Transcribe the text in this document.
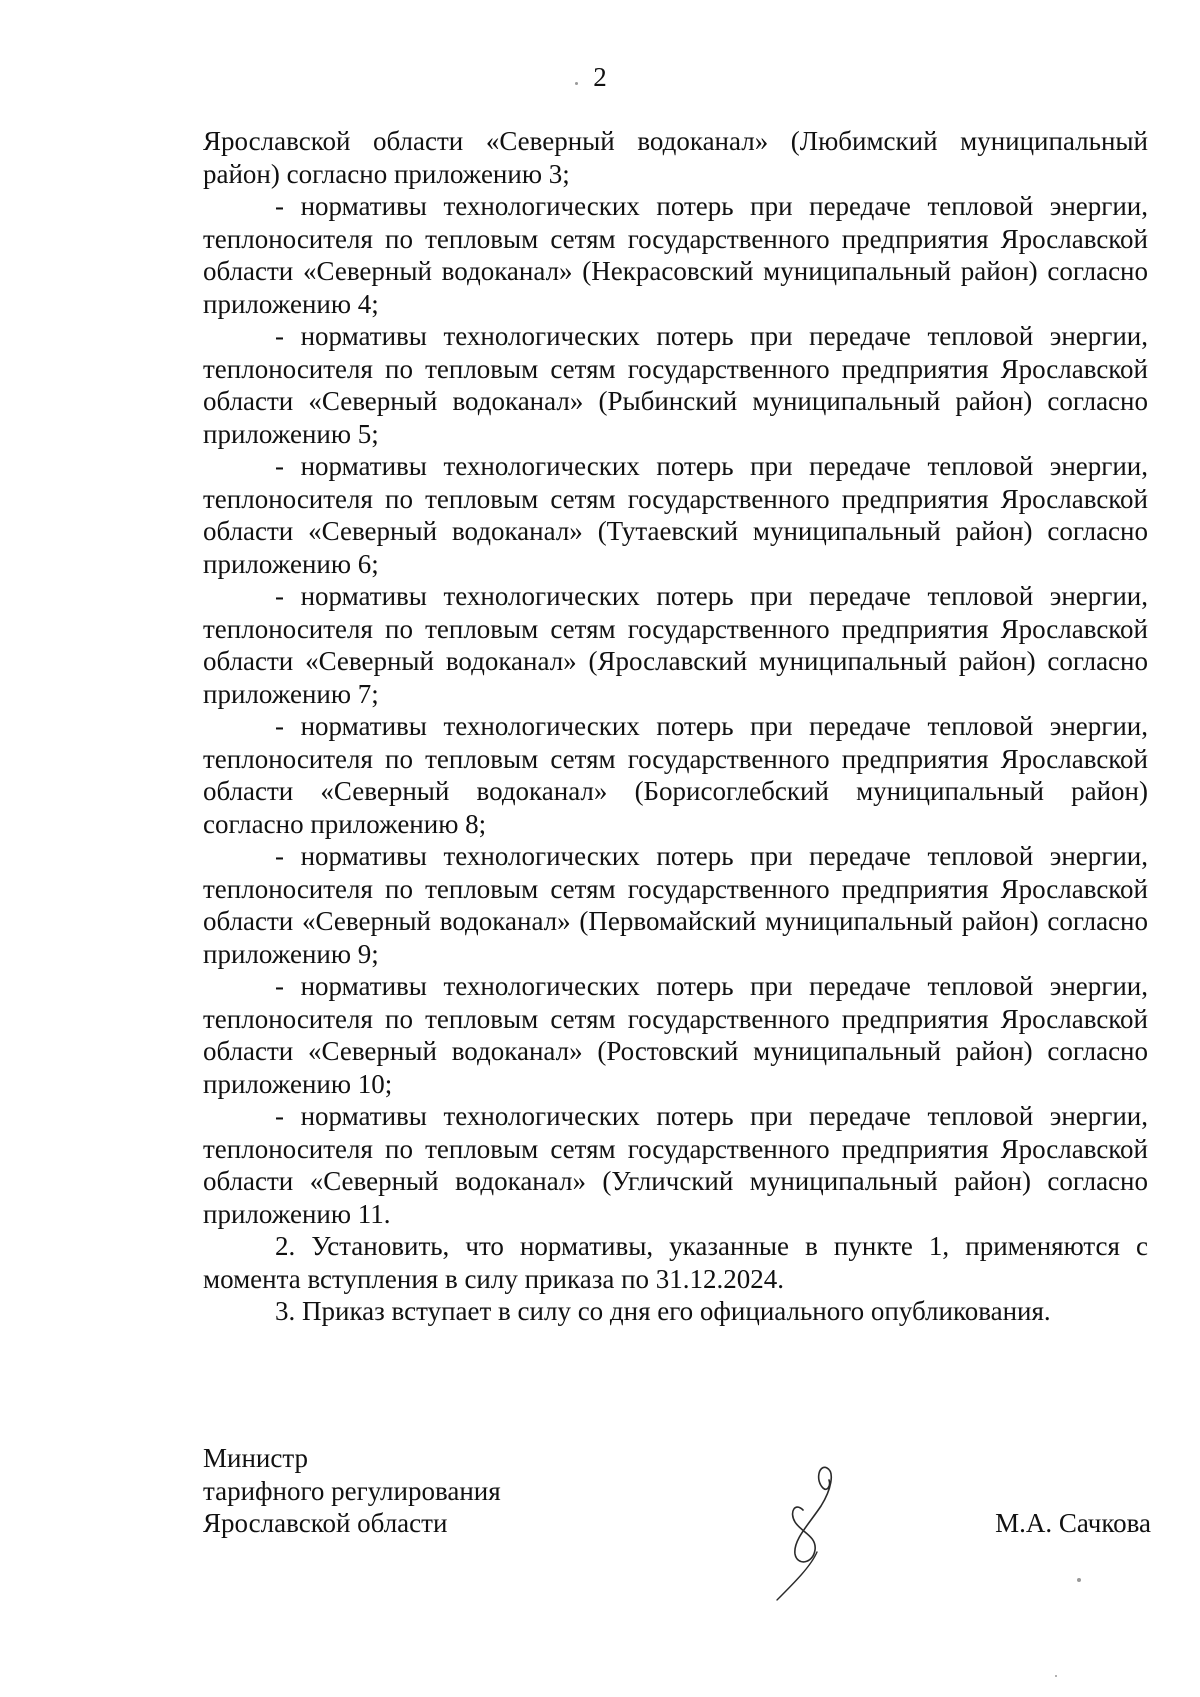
2

Ярославской области «Северный водоканал» (Любимский муниципальный район) согласно приложению 3;

- нормативы технологических потерь при передаче тепловой энергии, теплоносителя по тепловым сетям государственного предприятия Ярославской области «Северный водоканал» (Некрасовский муниципальный район) согласно приложению 4;

- нормативы технологических потерь при передаче тепловой энергии, теплоносителя по тепловым сетям государственного предприятия Ярославской области «Северный водоканал» (Рыбинский муниципальный район) согласно приложению 5;

- нормативы технологических потерь при передаче тепловой энергии, теплоносителя по тепловым сетям государственного предприятия Ярославской области «Северный водоканал» (Тутаевский муниципальный район) согласно приложению 6;

- нормативы технологических потерь при передаче тепловой энергии, теплоносителя по тепловым сетям государственного предприятия Ярославской области «Северный водоканал» (Ярославский муниципальный район) согласно приложению 7;

- нормативы технологических потерь при передаче тепловой энергии, теплоносителя по тепловым сетям государственного предприятия Ярославской области «Северный водоканал» (Борисоглебский муниципальный район) согласно приложению 8;

- нормативы технологических потерь при передаче тепловой энергии, теплоносителя по тепловым сетям государственного предприятия Ярославской области «Северный водоканал» (Первомайский муниципальный район) согласно приложению 9;

- нормативы технологических потерь при передаче тепловой энергии, теплоносителя по тепловым сетям государственного предприятия Ярославской области «Северный водоканал» (Ростовский муниципальный район) согласно приложению 10;

- нормативы технологических потерь при передаче тепловой энергии, теплоносителя по тепловым сетям государственного предприятия Ярославской области «Северный водоканал» (Угличский муниципальный район) согласно приложению 11.

2. Установить, что нормативы, указанные в пункте 1, применяются с момента вступления в силу приказа по 31.12.2024.

3. Приказ вступает в силу со дня его официального опубликования.

Министр
тарифного регулирования
Ярославской области	М.А. Сачкова
